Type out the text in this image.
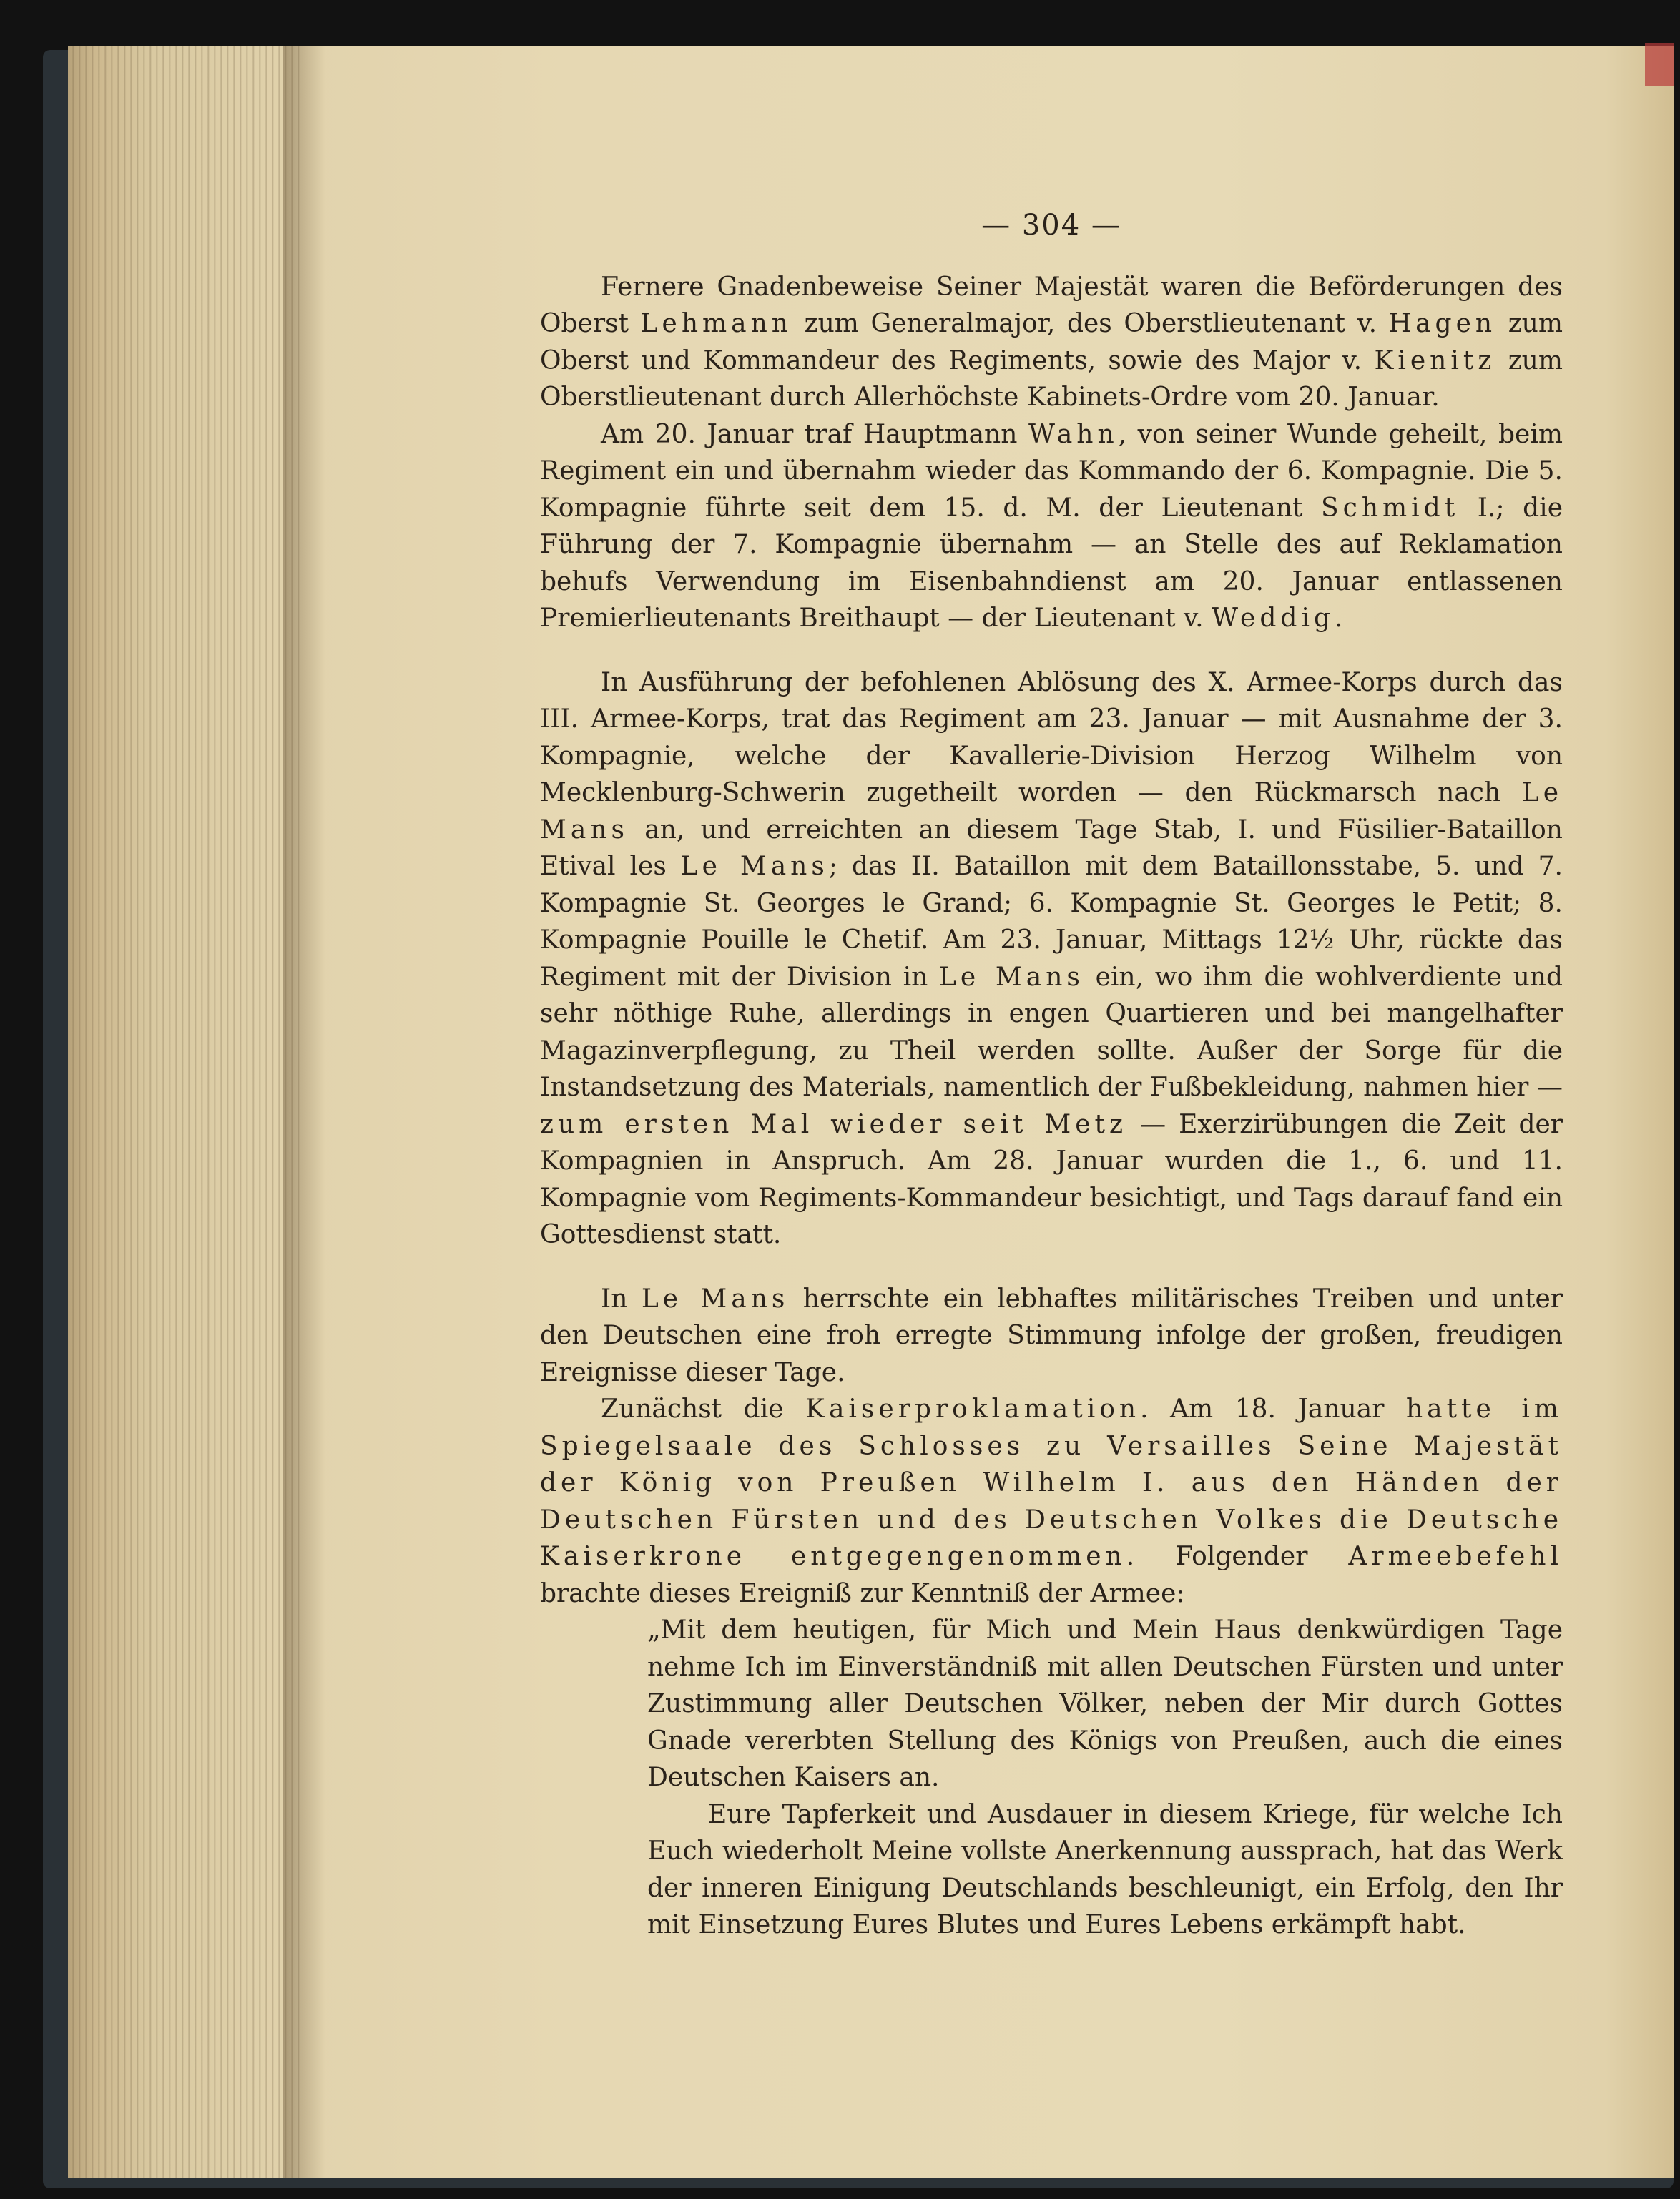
— 304 —

Fernere Gnadenbeweise Seiner Majestät waren die Beförderungen des Oberst Lehmann zum Generalmajor, des Oberstlieutenant v. Hagen zum Oberst und Kommandeur des Regiments, sowie des Major v. Kienitz zum Oberstlieutenant durch Allerhöchste Kabinets-Ordre vom 20. Januar.

Am 20. Januar traf Hauptmann Wahn, von seiner Wunde geheilt, beim Regiment ein und übernahm wieder das Kommando der 6. Kompagnie. Die 5. Kompagnie führte seit dem 15. d. M. der Lieutenant Schmidt I.; die Führung der 7. Kompagnie übernahm — an Stelle des auf Reklamation behufs Verwendung im Eisenbahndienst am 20. Januar entlassenen Premierlieutenants Breithaupt — der Lieutenant v. Weddig.

In Ausführung der befohlenen Ablösung des X. Armee-Korps durch das III. Armee-Korps, trat das Regiment am 23. Januar — mit Ausnahme der 3. Kompagnie, welche der Kavallerie-Division Herzog Wilhelm von Mecklenburg-Schwerin zugetheilt worden — den Rückmarsch nach Le Mans an, und erreichten an diesem Tage Stab, I. und Füsilier-Bataillon Etival les Le Mans; das II. Bataillon mit dem Bataillonsstabe, 5. und 7. Kompagnie St. Georges le Grand; 6. Kompagnie St. Georges le Petit; 8. Kompagnie Pouille le Chetif. Am 23. Januar, Mittags 12½ Uhr, rückte das Regiment mit der Division in Le Mans ein, wo ihm die wohlverdiente und sehr nöthige Ruhe, allerdings in engen Quartieren und bei mangelhafter Magazinverpflegung, zu Theil werden sollte. Außer der Sorge für die Instandsetzung des Materials, namentlich der Fußbekleidung, nahmen hier — zum ersten Mal wieder seit Metz — Exerzirübungen die Zeit der Kompagnien in Anspruch. Am 28. Januar wurden die 1., 6. und 11. Kompagnie vom Regiments-Kommandeur besichtigt, und Tags darauf fand ein Gottesdienst statt.

In Le Mans herrschte ein lebhaftes militärisches Treiben und unter den Deutschen eine froh erregte Stimmung infolge der großen, freudigen Ereignisse dieser Tage.

Zunächst die Kaiserproklamation. Am 18. Januar hatte im Spiegelsaale des Schlosses zu Versailles Seine Majestät der König von Preußen Wilhelm I. aus den Händen der Deutschen Fürsten und des Deutschen Volkes die Deutsche Kaiserkrone entgegengenommen. Folgender Armeebefehl brachte dieses Ereigniß zur Kenntniß der Armee:

„Mit dem heutigen, für Mich und Mein Haus denkwürdigen Tage nehme Ich im Einverständniß mit allen Deutschen Fürsten und unter Zustimmung aller Deutschen Völker, neben der Mir durch Gottes Gnade vererbten Stellung des Königs von Preußen, auch die eines Deutschen Kaisers an.

Eure Tapferkeit und Ausdauer in diesem Kriege, für welche Ich Euch wiederholt Meine vollste Anerkennung aussprach, hat das Werk der inneren Einigung Deutschlands beschleunigt, ein Erfolg, den Ihr mit Einsetzung Eures Blutes und Eures Lebens erkämpft habt.
